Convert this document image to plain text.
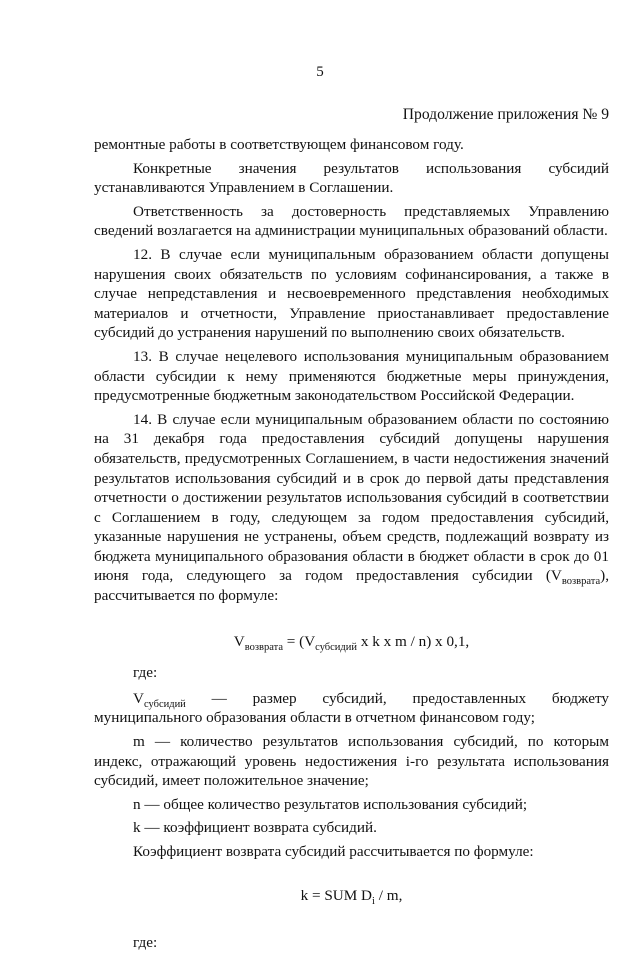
5
Продолжение приложения № 9

ремонтные работы в соответствующем финансовом году.

Конкретные значения результатов использования субсидий устанавливаются Управлением в Соглашении.

Ответственность за достоверность представляемых Управлению сведений возлагается на администрации муниципальных образований области.

12. В случае если муниципальным образованием области допущены нарушения своих обязательств по условиям софинансирования, а также в случае непредставления и несвоевременного представления необходимых материалов и отчетности, Управление приостанавливает предоставление субсидий до устранения нарушений по выполнению своих обязательств.

13. В случае нецелевого использования муниципальным образованием области субсидии к нему применяются бюджетные меры принуждения, предусмотренные бюджетным законодательством Российской Федерации.

14. В случае если муниципальным образованием области по состоянию на 31 декабря года предоставления субсидий допущены нарушения обязательств, предусмотренных Соглашением, в части недостижения значений результатов использования субсидий и в срок до первой даты представления отчетности о достижении результатов использования субсидий в соответствии с Соглашением в году, следующем за годом предоставления субсидий, указанные нарушения не устранены, объем средств, подлежащий возврату из бюджета муниципального образования области в бюджет области в срок до 01 июня года, следующего за годом предоставления субсидии $(V_{возврата})$, рассчитывается по формуле:

$V_{возврата} = (V_{субсидий}$ x k x m / n) x 0,1,

где:

$V_{субсидий}$ — размер субсидий, предоставленных бюджету муниципального образования области в отчетном финансовом году;

m — количество результатов использования субсидий, по которым индекс, отражающий уровень недостижения i-го результата использования субсидий, имеет положительное значение;

n — общее количество результатов использования субсидий;

k — коэффициент возврата субсидий.

Коэффициент возврата субсидий рассчитывается по формуле:

k = SUM $D_i$ / m,

где:
